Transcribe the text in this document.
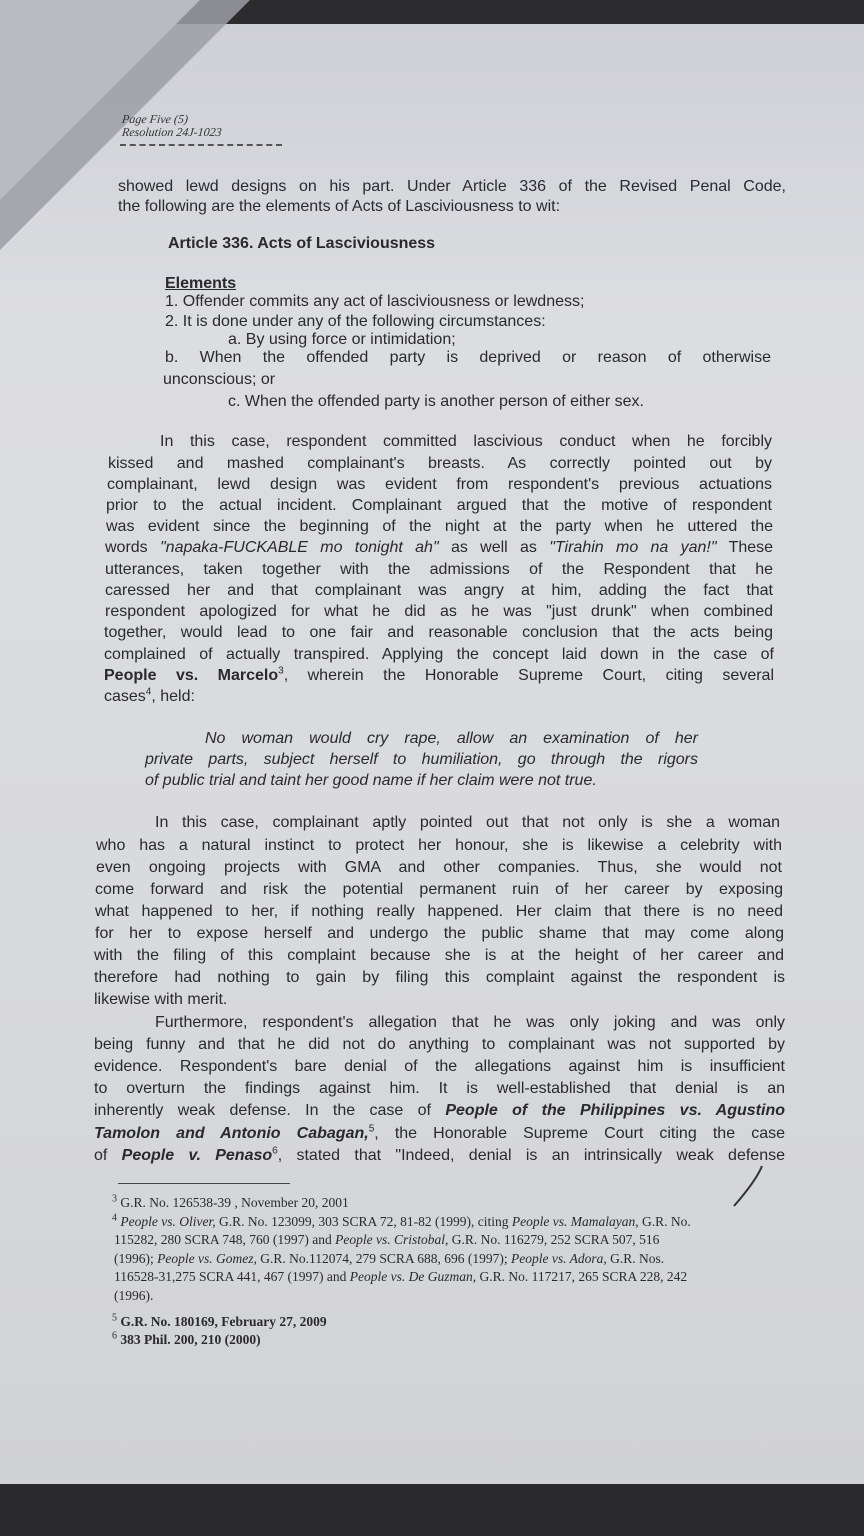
Page Five (5)
Resolution 24J-1023
showed lewd designs on his part. Under Article 336 of the Revised Penal Code,
the following are the elements of Acts of Lasciviousness to wit:
Article 336. Acts of Lasciviousness
Elements
1. Offender commits any act of lasciviousness or lewdness;
2. It is done under any of the following circumstances:
a. By using force or intimidation;
b. When the offended party is deprived or reason of otherwise
unconscious; or
c. When the offended party is another person of either sex.
In this case, respondent committed lascivious conduct when he forcibly
kissed and mashed complainant's breasts. As correctly pointed out by
complainant, lewd design was evident from respondent's previous actuations
prior to the actual incident. Complainant argued that the motive of respondent
was evident since the beginning of the night at the party when he uttered the
words "napaka-FUCKABLE mo tonight ah" as well as "Tirahin mo na yan!" These
utterances, taken together with the admissions of the Respondent that he
caressed her and that complainant was angry at him, adding the fact that
respondent apologized for what he did as he was "just drunk" when combined
together, would lead to one fair and reasonable conclusion that the acts being
complained of actually transpired. Applying the concept laid down in the case of
People vs. Marcelo$^3$, wherein the Honorable Supreme Court, citing several
cases$^4$, held:
No woman would cry rape, allow an examination of her
private parts, subject herself to humiliation, go through the rigors
of public trial and taint her good name if her claim were not true.
In this case, complainant aptly pointed out that not only is she a woman
who has a natural instinct to protect her honour, she is likewise a celebrity with
even ongoing projects with GMA and other companies. Thus, she would not
come forward and risk the potential permanent ruin of her career by exposing
what happened to her, if nothing really happened. Her claim that there is no need
for her to expose herself and undergo the public shame that may come along
with the filing of this complaint because she is at the height of her career and
therefore had nothing to gain by filing this complaint against the respondent is
likewise with merit.
Furthermore, respondent's allegation that he was only joking and was only
being funny and that he did not do anything to complainant was not supported by
evidence. Respondent's bare denial of the allegations against him is insufficient
to overturn the findings against him. It is well-established that denial is an
inherently weak defense. In the case of People of the Philippines vs. Agustino
Tamolon and Antonio Cabagan,$^5$, the Honorable Supreme Court citing the case
of People v. Penaso$^6$, stated that "Indeed, denial is an intrinsically weak defense
$^3$ G.R. No. 126538-39 , November 20, 2001
$^4$ People vs. Oliver, G.R. No. 123099, 303 SCRA 72, 81-82 (1999), citing People vs. Mamalayan, G.R. No.
115282, 280 SCRA 748, 760 (1997) and People vs. Cristobal, G.R. No. 116279, 252 SCRA 507, 516
(1996); People vs. Gomez, G.R. No.112074, 279 SCRA 688, 696 (1997); People vs. Adora, G.R. Nos.
116528-31,275 SCRA 441, 467 (1997) and People vs. De Guzman, G.R. No. 117217, 265 SCRA 228, 242
(1996).
$^5$ G.R. No. 180169, February 27, 2009
$^6$ 383 Phil. 200, 210 (2000)
